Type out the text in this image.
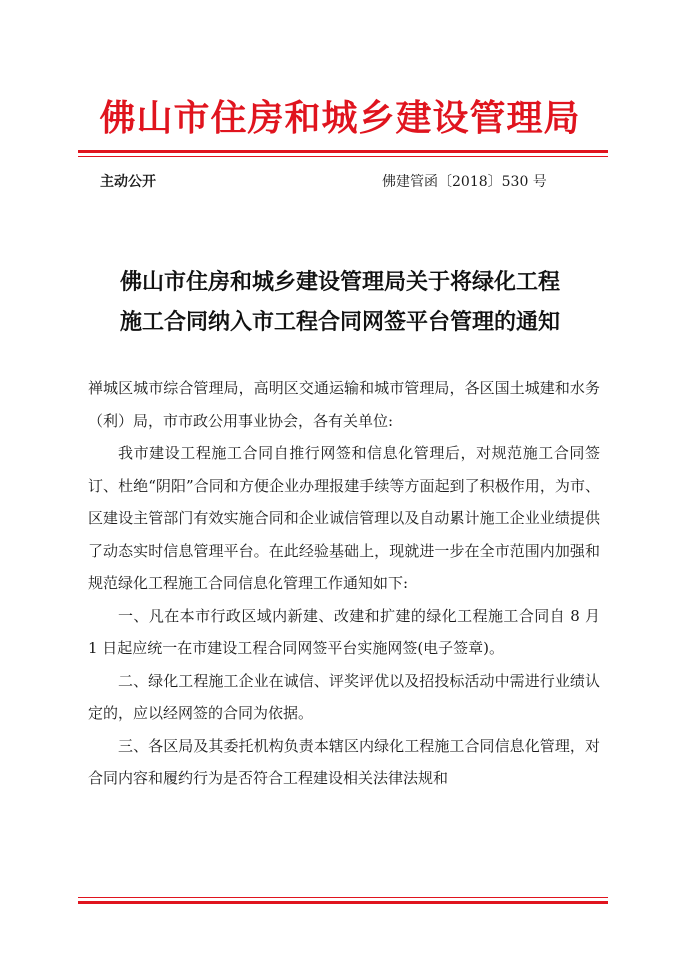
佛山市住房和城乡建设管理局
主动公开	佛建管函〔2018〕530 号
佛山市住房和城乡建设管理局关于将绿化工程
施工合同纳入市工程合同网签平台管理的通知

禅城区城市综合管理局，高明区交通运输和城市管理局，各区国土城建和水务（利）局，市市政公用事业协会，各有关单位:

我市建设工程施工合同自推行网签和信息化管理后，对规范施工合同签订、杜绝“阴阳”合同和方便企业办理报建手续等方面起到了积极作用，为市、区建设主管部门有效实施合同和企业诚信管理以及自动累计施工企业业绩提供了动态实时信息管理平台。在此经验基础上，现就进一步在全市范围内加强和规范绿化工程施工合同信息化管理工作通知如下:

一、凡在本市行政区域内新建、改建和扩建的绿化工程施工合同自 8 月 1 日起应统一在市建设工程合同网签平台实施网签(电子签章)。

二、绿化工程施工企业在诚信、评奖评优以及招投标活动中需进行业绩认定的，应以经网签的合同为依据。

三、各区局及其委托机构负责本辖区内绿化工程施工合同信息化管理，对合同内容和履约行为是否符合工程建设相关法律法规和
